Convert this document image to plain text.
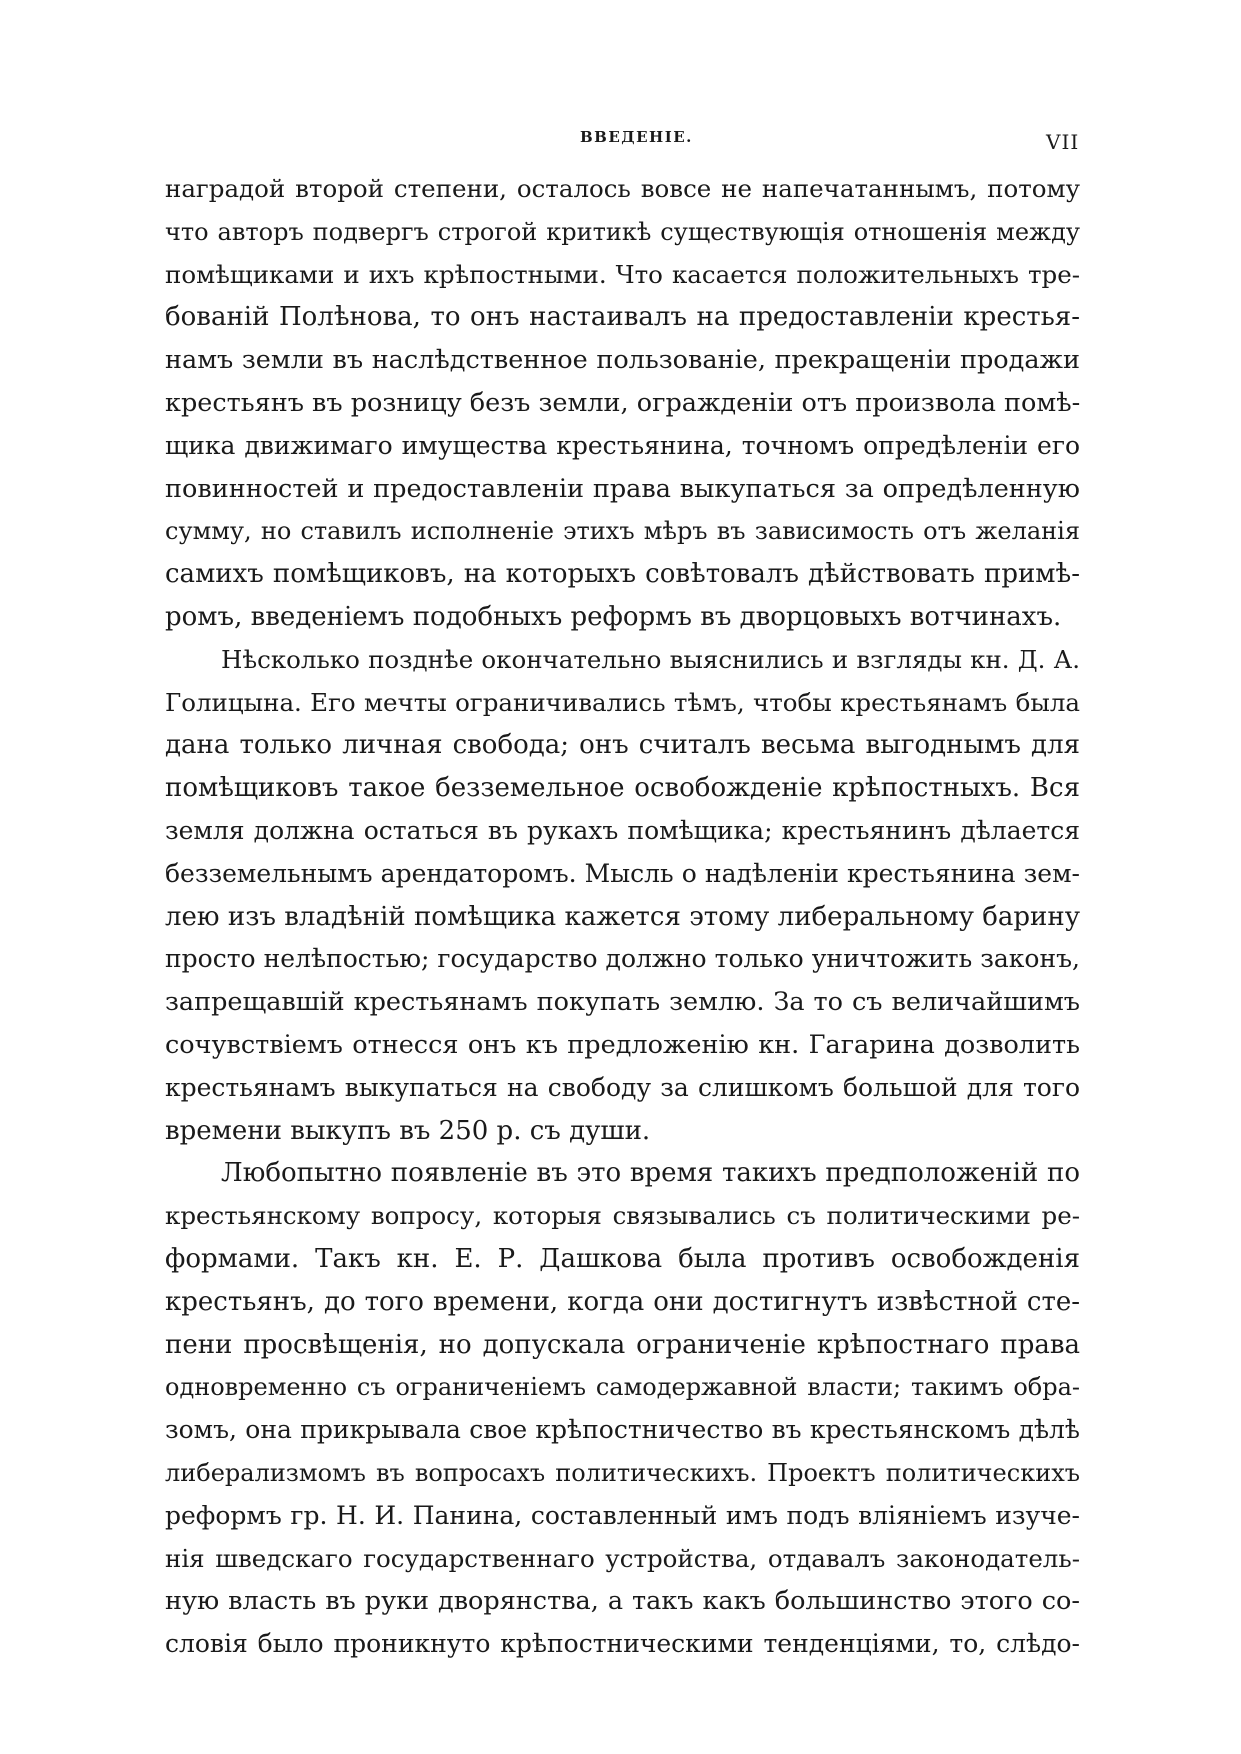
ВВЕДЕНІЕ.	VII
наградой второй степени, осталось вовсе не напечатаннымъ, потому
что авторъ подвергъ строгой критикѣ существующія отношенія между
помѣщиками и ихъ крѣпостными. Что касается положительныхъ тре-
бованій Полѣнова, то онъ настаивалъ на предоставленіи крестья-
намъ земли въ наслѣдственное пользованіе, прекращеніи продажи
крестьянъ въ розницу безъ земли, огражденіи отъ произвола помѣ-
щика движимаго имущества крестьянина, точномъ опредѣленіи его
повинностей и предоставленіи права выкупаться за опредѣленную
сумму, но ставилъ исполненіе этихъ мѣръ въ зависимость отъ желанія
самихъ помѣщиковъ, на которыхъ совѣтовалъ дѣйствовать примѣ-
ромъ, введеніемъ подобныхъ реформъ въ дворцовыхъ вотчинахъ.
Нѣсколько позднѣе окончательно выяснились и взгляды кн. Д. А.
Голицына. Его мечты ограничивались тѣмъ, чтобы крестьянамъ была
дана только личная свобода; онъ считалъ весьма выгоднымъ для
помѣщиковъ такое безземельное освобожденіе крѣпостныхъ. Вся
земля должна остаться въ рукахъ помѣщика; крестьянинъ дѣлается
безземельнымъ арендаторомъ. Мысль о надѣленіи крестьянина зем-
лею изъ владѣній помѣщика кажется этому либеральному барину
просто нелѣпостью; государство должно только уничтожить законъ,
запрещавшій крестьянамъ покупать землю. За то съ величайшимъ
сочувствіемъ отнесся онъ къ предложенію кн. Гагарина дозволить
крестьянамъ выкупаться на свободу за слишкомъ большой для того
времени выкупъ въ 250 р. съ души.
Любопытно появленіе въ это время такихъ предположеній по
крестьянскому вопросу, которыя связывались съ политическими ре-
формами. Такъ кн. Е. Р. Дашкова была противъ освобожденія
крестьянъ, до того времени, когда они достигнутъ извѣстной сте-
пени просвѣщенія, но допускала ограниченіе крѣпостнаго права
одновременно съ ограниченіемъ самодержавной власти; такимъ обра-
зомъ, она прикрывала свое крѣпостничество въ крестьянскомъ дѣлѣ
либерализмомъ въ вопросахъ политическихъ. Проектъ политическихъ
реформъ гр. Н. И. Панина, составленный имъ подъ вліяніемъ изуче-
нія шведскаго государственнаго устройства, отдавалъ законодатель-
ную власть въ руки дворянства, а такъ какъ большинство этого со-
словія было проникнуто крѣпостническими тенденціями, то, слѣдо-
